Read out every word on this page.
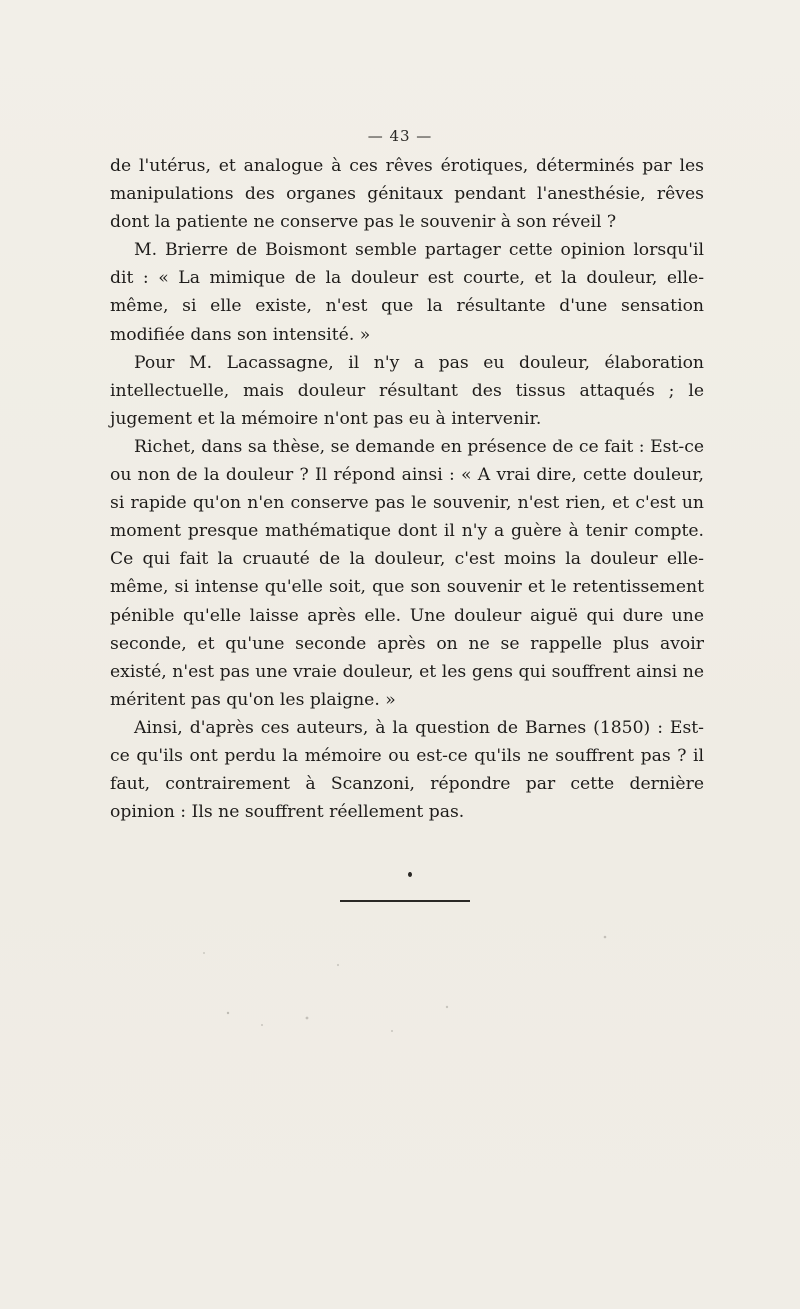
— 43 —

de l'utérus, et analogue à ces rêves érotiques, déterminés par les manipulations des organes génitaux pendant l'anesthésie, rêves dont la patiente ne conserve pas le souvenir à son réveil ?

M. Brierre de Boismont semble partager cette opinion lorsqu'il dit : « La mimique de la douleur est courte, et la douleur, elle-même, si elle existe, n'est que la résultante d'une sensation modifiée dans son intensité. »

Pour M. Lacassagne, il n'y a pas eu douleur, élaboration intellectuelle, mais douleur résultant des tissus attaqués ; le jugement et la mémoire n'ont pas eu à intervenir.

Richet, dans sa thèse, se demande en présence de ce fait : Est-ce ou non de la douleur ? Il répond ainsi : « A vrai dire, cette douleur, si rapide qu'on n'en conserve pas le souvenir, n'est rien, et c'est un moment presque mathématique dont il n'y a guère à tenir compte. Ce qui fait la cruauté de la douleur, c'est moins la douleur elle-même, si intense qu'elle soit, que son souvenir et le retentissement pénible qu'elle laisse après elle. Une douleur aiguë qui dure une seconde, et qu'une seconde après on ne se rappelle plus avoir existé, n'est pas une vraie douleur, et les gens qui souffrent ainsi ne méritent pas qu'on les plaigne. »

Ainsi, d'après ces auteurs, à la question de Barnes (1850) : Est-ce qu'ils ont perdu la mémoire ou est-ce qu'ils ne souffrent pas ? il faut, contrairement à Scanzoni, répondre par cette dernière opinion : Ils ne souffrent réellement pas.
